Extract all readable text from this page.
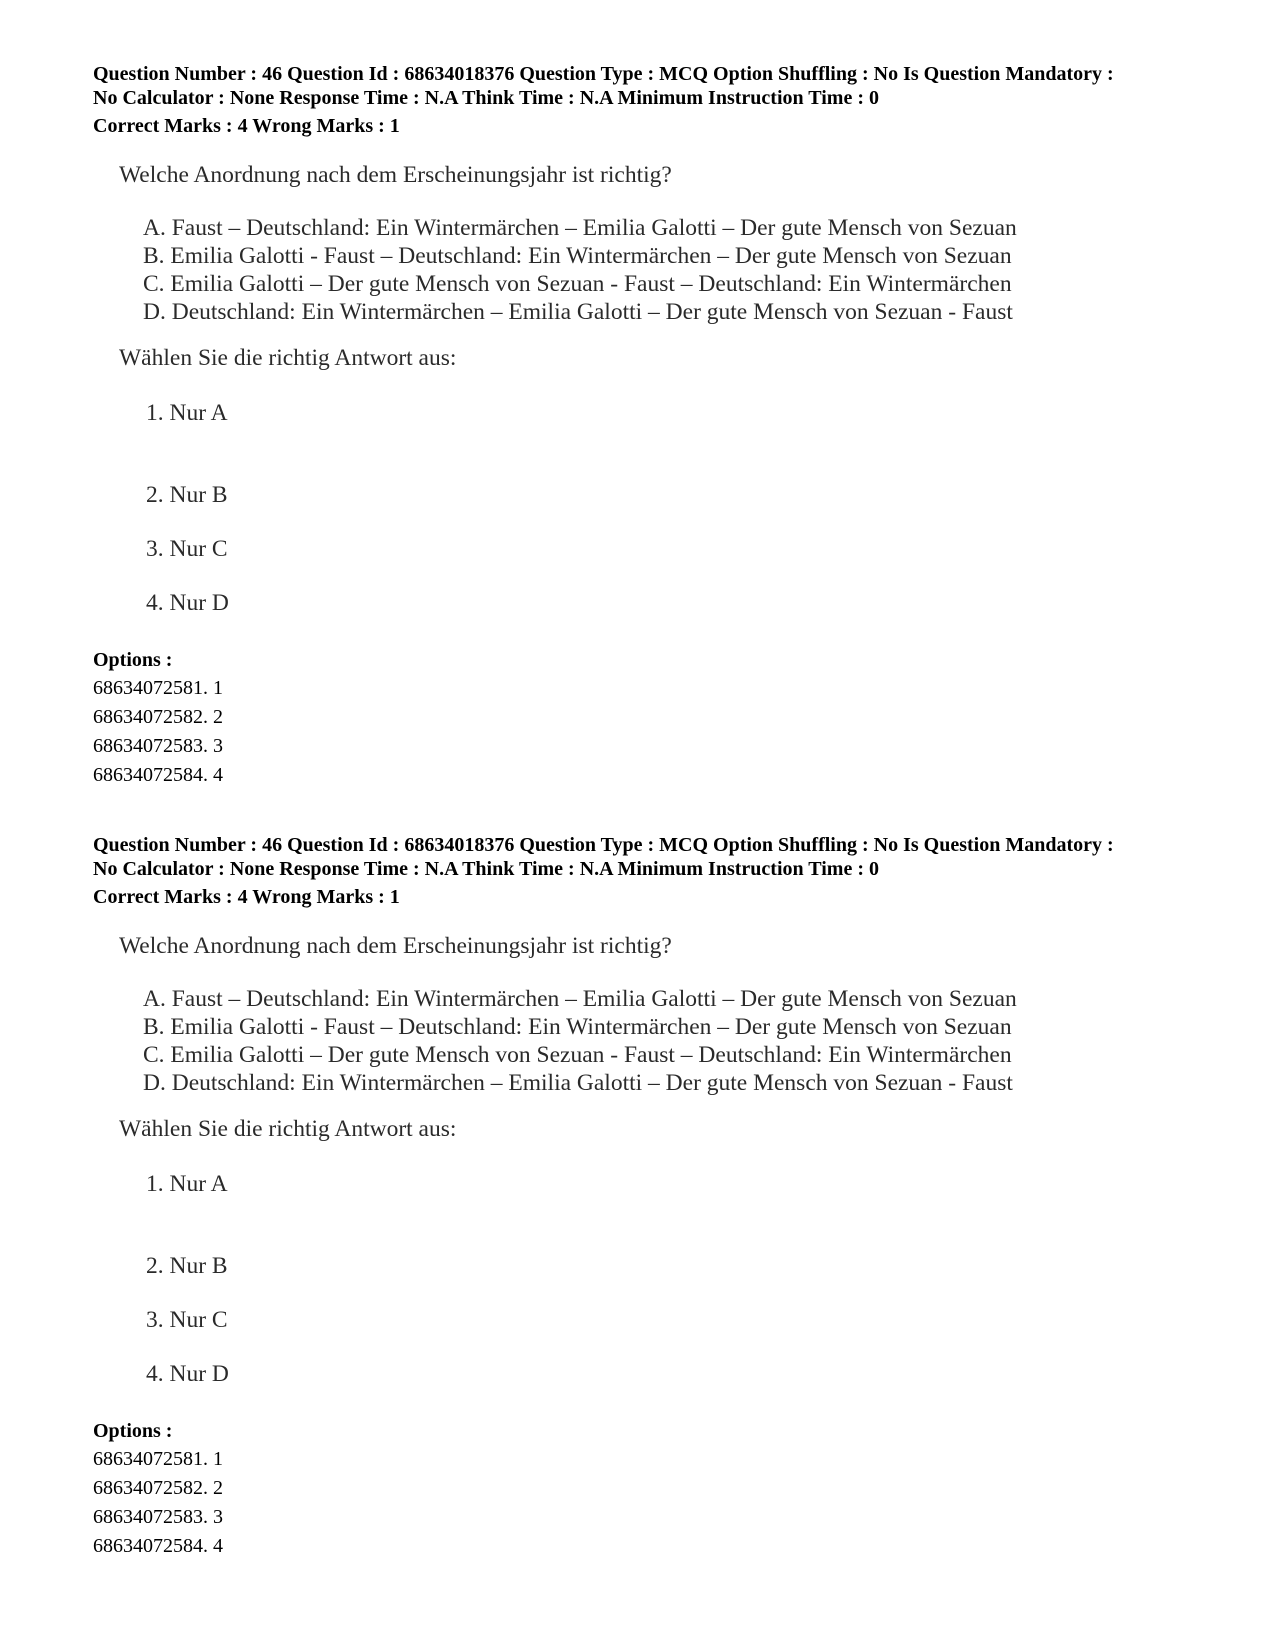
Question Number : 46 Question Id : 68634018376 Question Type : MCQ Option Shuffling : No Is Question Mandatory :
No Calculator : None Response Time : N.A Think Time : N.A Minimum Instruction Time : 0
Correct Marks : 4 Wrong Marks : 1
Welche Anordnung nach dem Erscheinungsjahr ist richtig?
A. Faust – Deutschland: Ein Wintermärchen – Emilia Galotti – Der gute Mensch von Sezuan
B. Emilia Galotti - Faust – Deutschland: Ein Wintermärchen – Der gute Mensch von Sezuan
C. Emilia Galotti – Der gute Mensch von Sezuan - Faust – Deutschland: Ein Wintermärchen
D. Deutschland: Ein Wintermärchen – Emilia Galotti – Der gute Mensch von Sezuan - Faust
Wählen Sie die richtig Antwort aus:
1. Nur A
2. Nur B
3. Nur C
4. Nur D
Options :
68634072581. 1
68634072582. 2
68634072583. 3
68634072584. 4
Question Number : 46 Question Id : 68634018376 Question Type : MCQ Option Shuffling : No Is Question Mandatory :
No Calculator : None Response Time : N.A Think Time : N.A Minimum Instruction Time : 0
Correct Marks : 4 Wrong Marks : 1
Welche Anordnung nach dem Erscheinungsjahr ist richtig?
A. Faust – Deutschland: Ein Wintermärchen – Emilia Galotti – Der gute Mensch von Sezuan
B. Emilia Galotti - Faust – Deutschland: Ein Wintermärchen – Der gute Mensch von Sezuan
C. Emilia Galotti – Der gute Mensch von Sezuan - Faust – Deutschland: Ein Wintermärchen
D. Deutschland: Ein Wintermärchen – Emilia Galotti – Der gute Mensch von Sezuan - Faust
Wählen Sie die richtig Antwort aus:
1. Nur A
2. Nur B
3. Nur C
4. Nur D
Options :
68634072581. 1
68634072582. 2
68634072583. 3
68634072584. 4
